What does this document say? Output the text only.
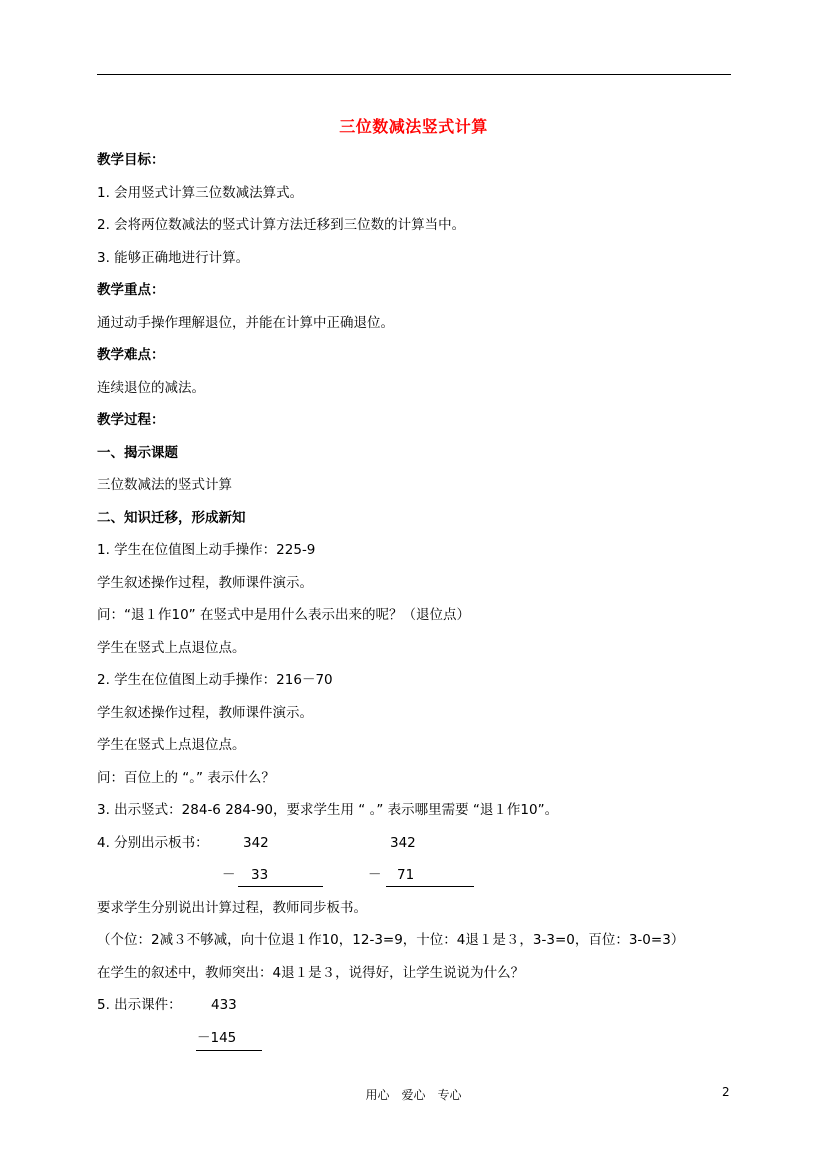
三位数减法竖式计算
教学目标：
1. 会用竖式计算三位数减法算式。
2. 会将两位数减法的竖式计算方法迁移到三位数的计算当中。
3. 能够正确地进行计算。
教学重点：
通过动手操作理解退位，并能在计算中正确退位。
教学难点：
连续退位的减法。
教学过程：
一、揭示课题
三位数减法的竖式计算
二、知识迁移，形成新知
1. 学生在位值图上动手操作：225-9
学生叙述操作过程，教师课件演示。
问：“退１作10” 在竖式中是用什么表示出来的呢？（退位点）
学生在竖式上点退位点。
2. 学生在位值图上动手操作：216－70
学生叙述操作过程，教师课件演示。
学生在竖式上点退位点。
问：百位上的 “。” 表示什么？
3. 出示竖式：284-6 284-90，要求学生用 “ 。” 表示哪里需要 “退１作10”。
4. 分别出示板书：	342	342
－ 33	－ 71
要求学生分别说出计算过程，教师同步板书。
（个位：2减３不够减，向十位退１作10，12-3=9，十位：4退１是３，3-3=0，百位：3-0=3）
在学生的叙述中，教师突出：4退１是３，说得好，让学生说说为什么？
5. 出示课件： 433
－145
用心　爱心　专心	2
